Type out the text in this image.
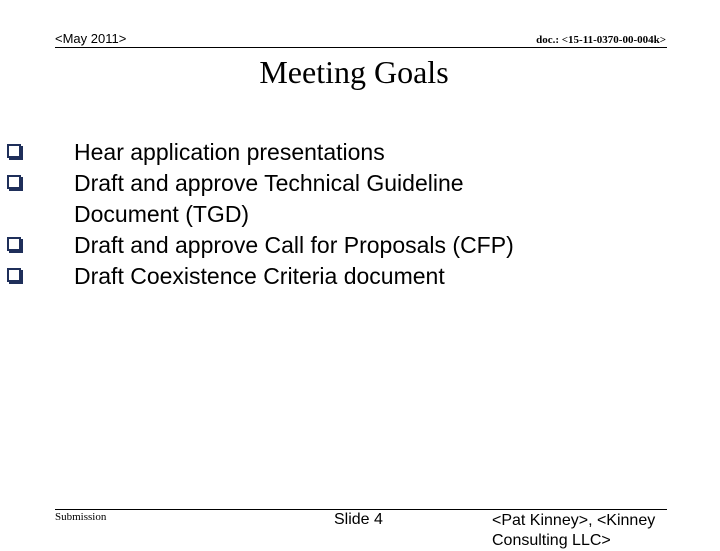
<May 2011>	doc.: <15-11-0370-00-004k>
Meeting Goals
Hear application presentations
Draft and approve Technical Guideline
Document (TGD)
Draft and approve Call for Proposals (CFP)
Draft Coexistence Criteria document
Submission	Slide 4	<Pat Kinney>, <Kinney Consulting LLC>
